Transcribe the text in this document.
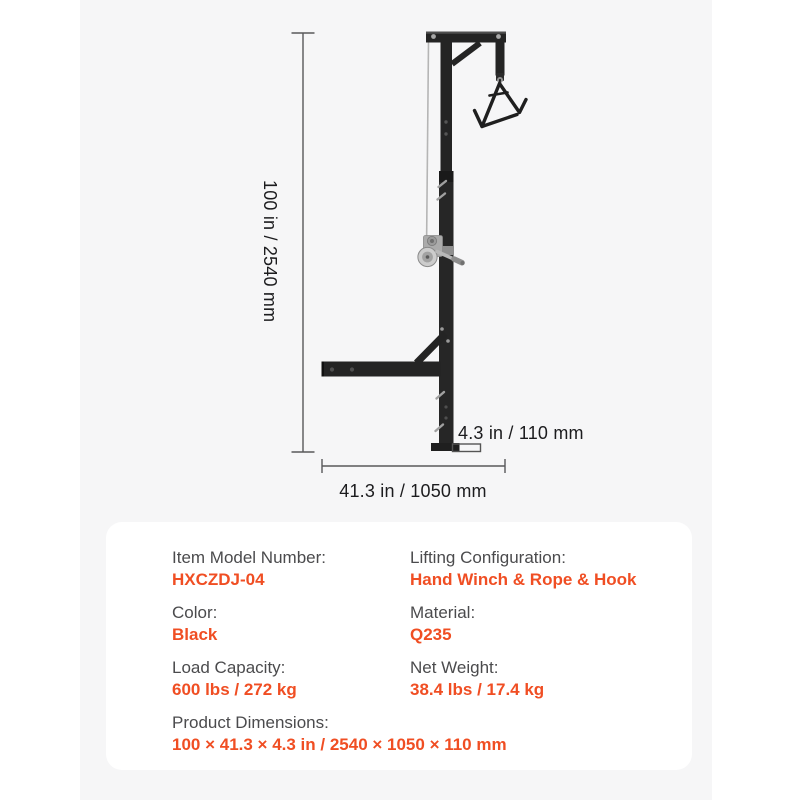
100 in / 2540 mm
41.3 in / 1050 mm
4.3 in / 110 mm
Item Model Number:
HXCZDJ-04
Lifting Configuration:
Hand Winch & Rope & Hook
Color:
Black
Material:
Q235
Load Capacity:
600 lbs / 272 kg
Net Weight:
38.4 lbs / 17.4 kg
Product Dimensions:
100 × 41.3 × 4.3 in / 2540 × 1050 × 110 mm
